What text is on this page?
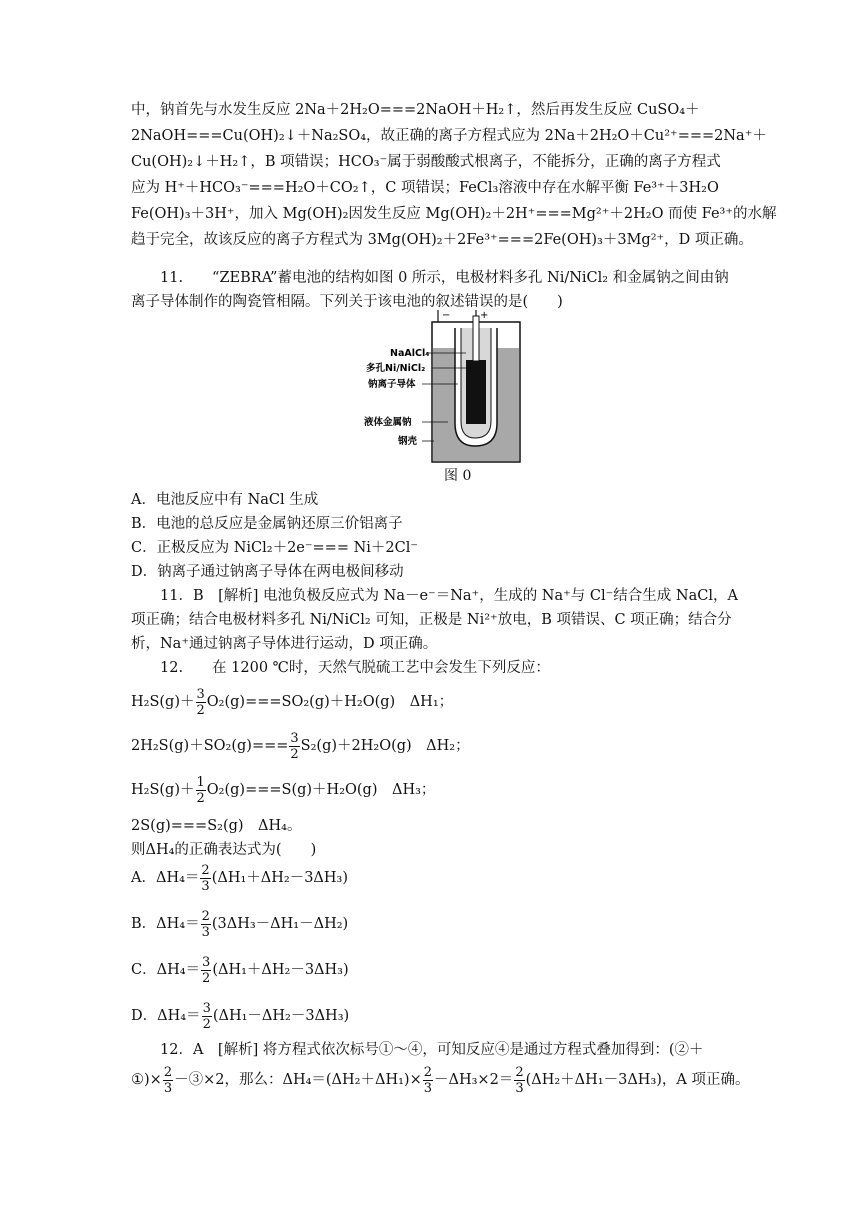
中，钠首先与水发生反应 2Na＋2H₂O===2NaOH＋H₂↑，然后再发生反应 CuSO₄＋
2NaOH===Cu(OH)₂↓＋Na₂SO₄，故正确的离子方程式应为 2Na＋2H₂O＋Cu²⁺===2Na⁺＋
Cu(OH)₂↓＋H₂↑，B 项错误；HCO₃⁻属于弱酸酸式根离子，不能拆分，正确的离子方程式
应为 H⁺＋HCO₃⁻===H₂O＋CO₂↑，C 项错误；FeCl₃溶液中存在水解平衡 Fe³⁺＋3H₂O
Fe(OH)₃＋3H⁺，加入 Mg(OH)₂因发生反应 Mg(OH)₂＋2H⁺===Mg²⁺＋2H₂O 而使 Fe³⁺的水解
趋于完全，故该反应的离子方程式为 3Mg(OH)₂＋2Fe³⁺===2Fe(OH)₃＋3Mg²⁺，D 项正确。
11.　　“ZEBRA”蓄电池的结构如图 0 所示，电极材料多孔 Ni/NiCl₂ 和金属钠之间由钠
离子导体制作的陶瓷管相隔。下列关于该电池的叙述错误的是(　　)
−	+
NaAlCl₄
多孔Ni/NiCl₂
钠离子导体
液体金属钠
钢壳
图 0
A．电池反应中有 NaCl 生成
B．电池的总反应是金属钠还原三价铝离子
C．正极反应为 NiCl₂＋2e⁻=== Ni＋2Cl⁻
D．钠离子通过钠离子导体在两电极间移动
11．B　[解析] 电池负极反应式为 Na－e⁻＝Na⁺，生成的 Na⁺与 Cl⁻结合生成 NaCl，A
项正确；结合电极材料多孔 Ni/NiCl₂ 可知，正极是 Ni²⁺放电，B 项错误、C 项正确；结合分
析，Na⁺通过钠离子导体进行运动，D 项正确。
12.　　在 1200 ℃时，天然气脱硫工艺中会发生下列反应：
$H_2S(g)+ \frac{3}{2} O_2(g)===SO_2(g)+H_2O(g)$　ΔH₁；
$2H_2S(g)+SO_2(g)=== \frac{3}{2} S_2(g)+2H_2O(g)$　ΔH₂；
$H_2S(g)+ \frac{1}{2} O_2(g)===S(g)+H_2O(g)$　ΔH₃；
2S(g)===S₂(g)　ΔH₄。
则ΔH₄的正确表达式为(　　)
A．$\Delta H_4= \frac{2}{3} (\Delta H_1+\Delta H_2-3\Delta H_3)$
B．$\Delta H_4= \frac{2}{3} (3\Delta H_3-\Delta H_1-\Delta H_2)$
C．$\Delta H_4= \frac{3}{2} (\Delta H_1+\Delta H_2-3\Delta H_3)$
D．$\Delta H_4= \frac{3}{2} (\Delta H_1-\Delta H_2-3\Delta H_3)$
12．A　[解析] 将方程式依次标号①～④，可知反应④是通过方程式叠加得到：(②＋
①)× $\frac{2}{3}$ －③×2，那么：$\Delta H_4=(\Delta H_2+\Delta H_1)\times \frac{2}{3} -\Delta H_3\times 2= \frac{2}{3} (\Delta H_2+\Delta H_1-3\Delta H_3)$，A 项正确。
